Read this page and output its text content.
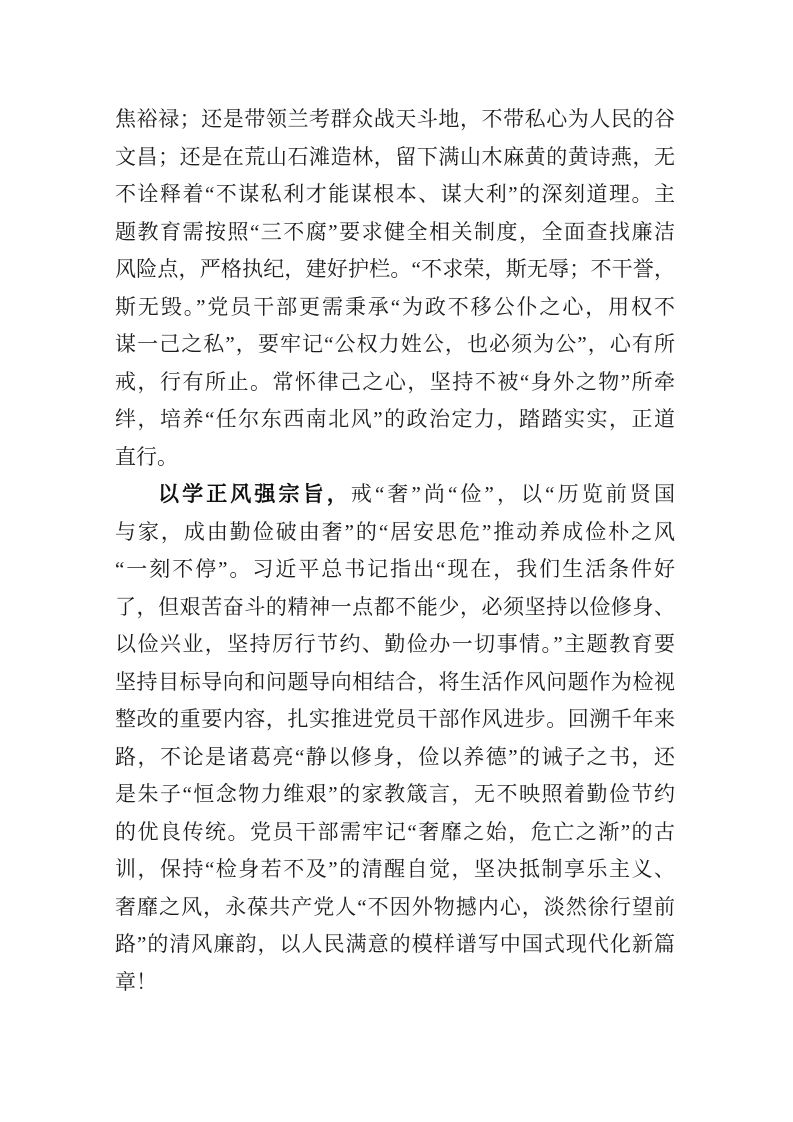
焦裕禄；还是带领兰考群众战天斗地，不带私心为人民的谷
文昌；还是在荒山石滩造林，留下满山木麻黄的黄诗燕，无
不诠释着“不谋私利才能谋根本、谋大利”的深刻道理。主
题教育需按照“三不腐”要求健全相关制度，全面查找廉洁
风险点，严格执纪，建好护栏。“不求荣，斯无辱；不干誉，
斯无毁。”党员干部更需秉承“为政不移公仆之心，用权不
谋一己之私”，要牢记“公权力姓公，也必须为公”，心有所
戒，行有所止。常怀律己之心，坚持不被“身外之物”所牵
绊，培养“任尔东西南北风”的政治定力，踏踏实实，正道
直行。
以学正风强宗旨，戒“奢”尚“俭”，以“历览前贤国
与家，成由勤俭破由奢”的“居安思危”推动养成俭朴之风
“一刻不停”。习近平总书记指出“现在，我们生活条件好
了，但艰苦奋斗的精神一点都不能少，必须坚持以俭修身、
以俭兴业，坚持厉行节约、勤俭办一切事情。”主题教育要
坚持目标导向和问题导向相结合，将生活作风问题作为检视
整改的重要内容，扎实推进党员干部作风进步。回溯千年来
路，不论是诸葛亮“静以修身，俭以养德”的诫子之书，还
是朱子“恒念物力维艰”的家教箴言，无不映照着勤俭节约
的优良传统。党员干部需牢记“奢靡之始，危亡之渐”的古
训，保持“检身若不及”的清醒自觉，坚决抵制享乐主义、
奢靡之风，永葆共产党人“不因外物撼内心，淡然徐行望前
路”的清风廉韵，以人民满意的模样谱写中国式现代化新篇
章！
